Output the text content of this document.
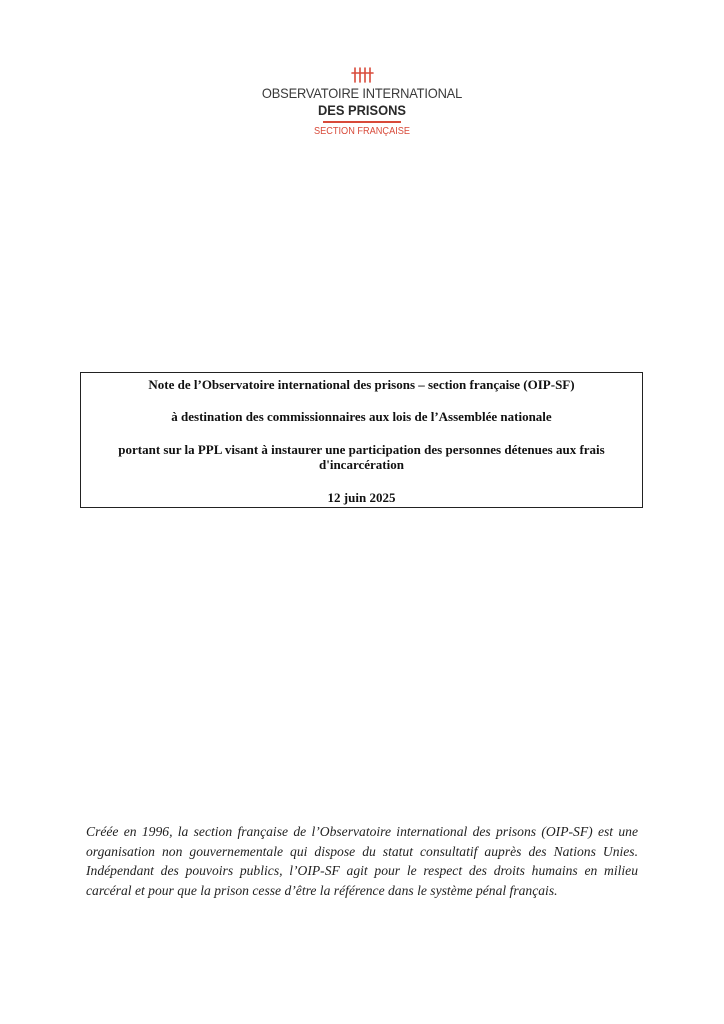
OBSERVATOIRE INTERNATIONAL
DES PRISONS
SECTION FRANÇAISE

Note de l’Observatoire international des prisons – section française (OIP-SF)

à destination des commissionnaires aux lois de l’Assemblée nationale

portant sur la PPL visant à instaurer une participation des personnes détenues aux frais d'incarcération

12 juin 2025

Créée en 1996, la section française de l’Observatoire international des prisons (OIP-SF) est une organisation non gouvernementale qui dispose du statut consultatif auprès des Nations Unies. Indépendant des pouvoirs publics, l’OIP-SF agit pour le respect des droits humains en milieu carcéral et pour que la prison cesse d’être la référence dans le système pénal français.
